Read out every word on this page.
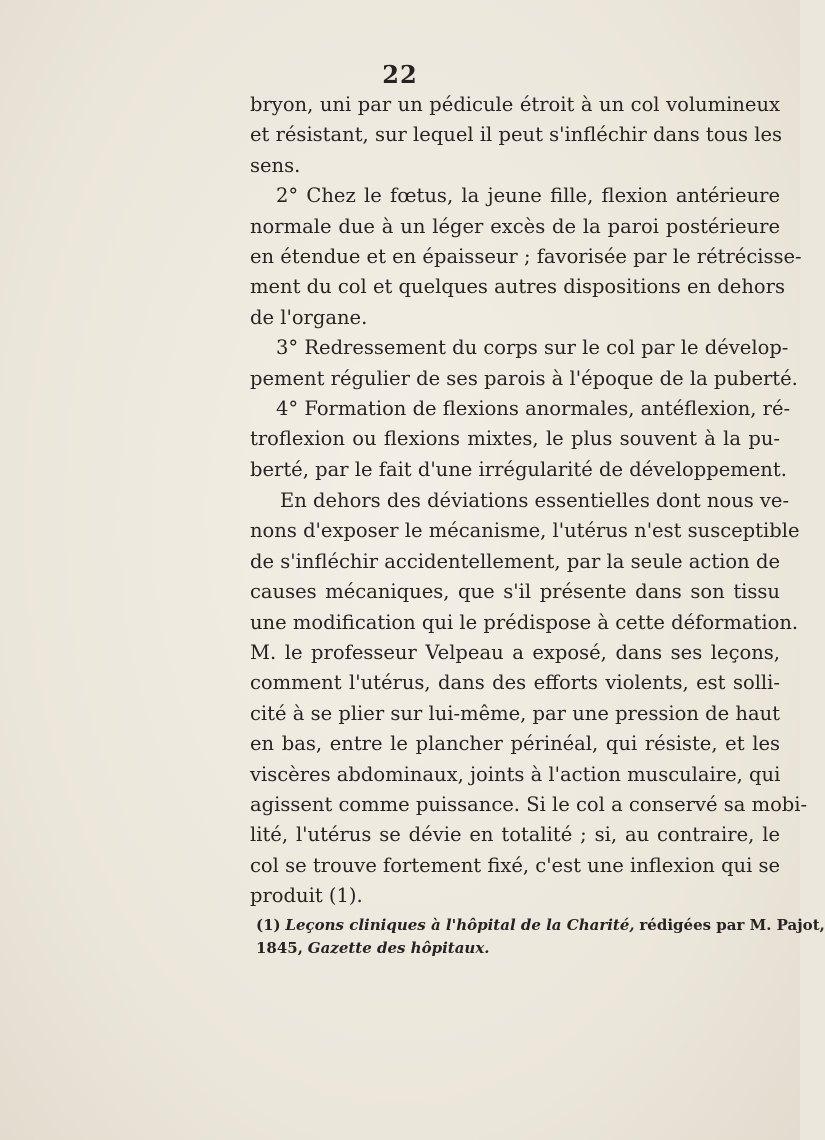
22
bryon, uni par un pédicule étroit à un col volumineux
et résistant, sur lequel il peut s'infléchir dans tous les
sens.
2° Chez le fœtus, la jeune fille, flexion antérieure
normale due à un léger excès de la paroi postérieure
en étendue et en épaisseur ; favorisée par le rétrécisse-
ment du col et quelques autres dispositions en dehors
de l'organe.
3° Redressement du corps sur le col par le dévelop-
pement régulier de ses parois à l'époque de la puberté.
4° Formation de flexions anormales, antéflexion, ré-
troflexion ou flexions mixtes, le plus souvent à la pu-
berté, par le fait d'une irrégularité de développement.
En dehors des déviations essentielles dont nous ve-
nons d'exposer le mécanisme, l'utérus n'est susceptible
de s'infléchir accidentellement, par la seule action de
causes mécaniques, que s'il présente dans son tissu
une modification qui le prédispose à cette déformation.
M. le professeur Velpeau a exposé, dans ses leçons,
comment l'utérus, dans des efforts violents, est solli-
cité à se plier sur lui-même, par une pression de haut
en bas, entre le plancher périnéal, qui résiste, et les
viscères abdominaux, joints à l'action musculaire, qui
agissent comme puissance. Si le col a conservé sa mobi-
lité, l'utérus se dévie en totalité ; si, au contraire, le
col se trouve fortement fixé, c'est une inflexion qui se
produit (1).
(1) Leçons cliniques à l'hôpital de la Charité, rédigées par M. Pajot,
1845, Gazette des hôpitaux.
